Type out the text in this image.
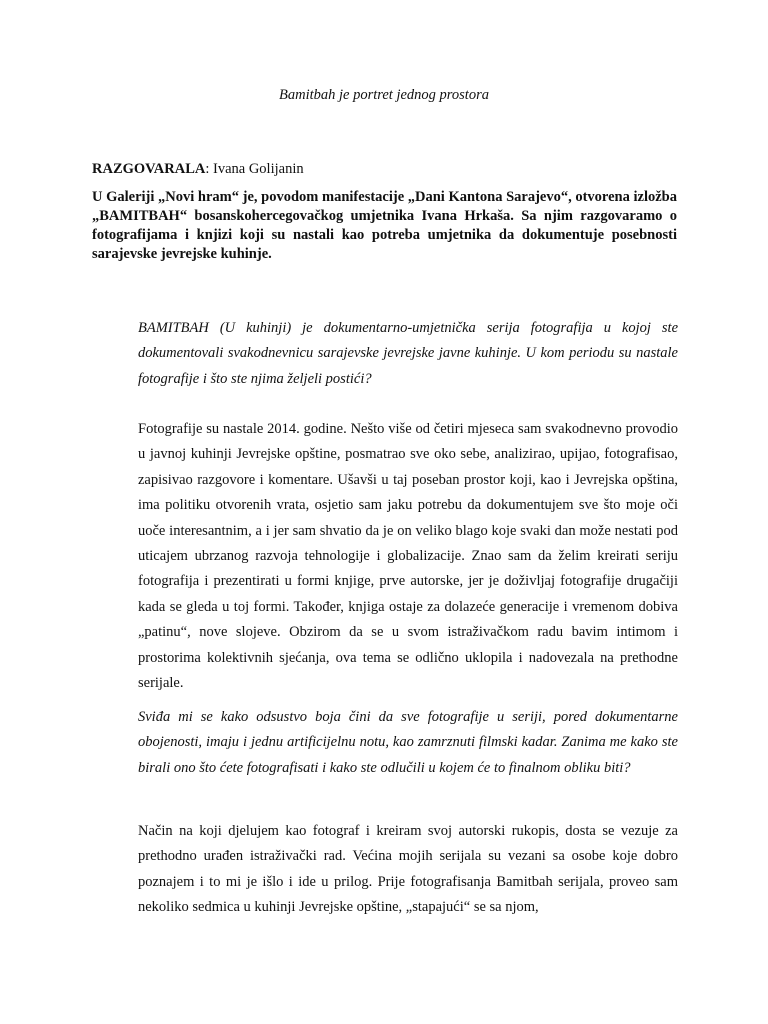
Bamitbah je portret jednog prostora
RAZGOVARALA: Ivana Golijanin

U Galeriji „Novi hram“ je, povodom manifestacije „Dani Kantona Sarajevo“, otvorena izložba „BAMITBAH“ bosanskohercegovačkog umjetnika Ivana Hrkaša. Sa njim razgovaramo o fotografijama i knjizi koji su nastali kao potreba umjetnika da dokumentuje posebnosti sarajevske jevrejske kuhinje.

BAMITBAH (U kuhinji) je dokumentarno-umjetnička serija fotografija u kojoj ste dokumentovali svakodnevnicu sarajevske jevrejske javne kuhinje. U kom periodu su nastale fotografije i što ste njima željeli postići?

Fotografije su nastale 2014. godine. Nešto više od četiri mjeseca sam svakodnevno provodio u javnoj kuhinji Jevrejske opštine, posmatrao sve oko sebe, analizirao, upijao, fotografisao, zapisivao razgovore i komentare. Ušavši u taj poseban prostor koji, kao i Jevrejska opština, ima politiku otvorenih vrata, osjetio sam jaku potrebu da dokumentujem sve što moje oči uoče interesantnim, a i jer sam shvatio da je on veliko blago koje svaki dan može nestati pod uticajem ubrzanog razvoja tehnologije i globalizacije. Znao sam da želim kreirati seriju fotografija i prezentirati u formi knjige, prve autorske, jer je doživljaj fotografije drugačiji kada se gleda u toj formi. Također, knjiga ostaje za dolazeće generacije i vremenom dobiva „patinu“, nove slojeve. Obzirom da se u svom istraživačkom radu bavim intimom i prostorima kolektivnih sjećanja, ova tema se odlično uklopila i nadovezala na prethodne serijale.

Sviđa mi se kako odsustvo boja čini da sve fotografije u seriji, pored dokumentarne obojenosti, imaju i jednu artificijelnu notu, kao zamrznuti filmski kadar. Zanima me kako ste birali ono što ćete fotografisati i kako ste odlučili u kojem će to finalnom obliku biti?

Način na koji djelujem kao fotograf i kreiram svoj autorski rukopis, dosta se vezuje za prethodno urađen istraživački rad. Većina mojih serijala su vezani sa osobe koje dobro poznajem i to mi je išlo i ide u prilog. Prije fotografisanja Bamitbah serijala, proveo sam nekoliko sedmica u kuhinji Jevrejske opštine, „stapajući“ se sa njom,
